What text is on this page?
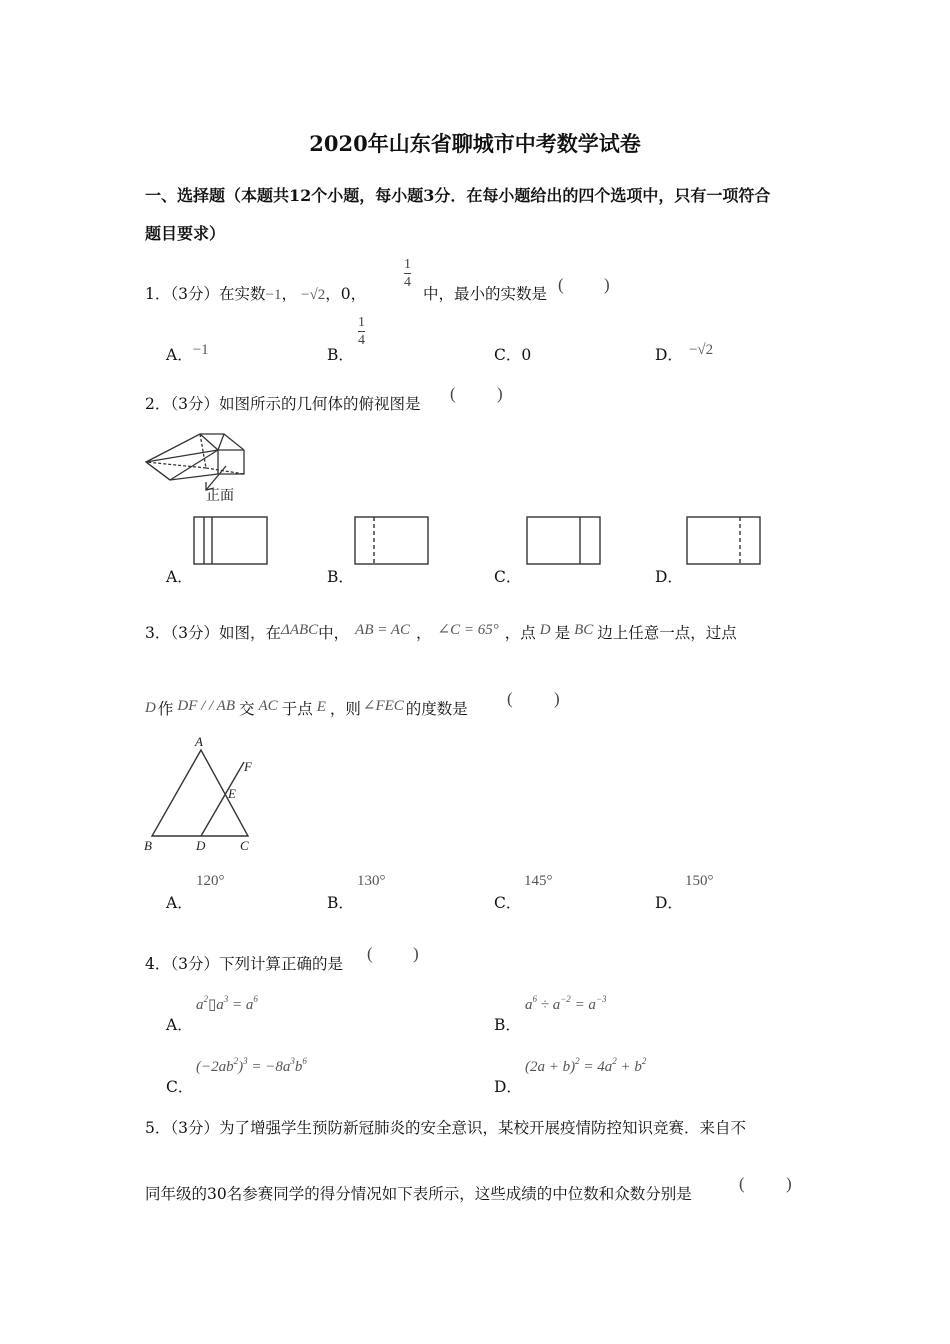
2020年山东省聊城市中考数学试卷
一、选择题（本题共12个小题，每小题3分．在每小题给出的四个选项中，只有一项符合
题目要求）
1．（3分）在实数−1， −√2，0，
$\frac{1}{4}$
中，最小的实数是 ( )
A．−1	B．
$\frac{1}{4}$
C．0	D． −√2
2．（3分）如图所示的几何体的俯视图是
( )
正面
A．	B．	C．	D．
3．（3分）如图，在ΔABC中， AB = AC ， ∠C = 65° ，点 D 是 BC 边上任意一点，过点
D 作 DF / / AB 交 AC 于点 E ，则 ∠FEC 的度数是
( )
A
B	C
D
E
F
A．
120°
B．
130°
C．
145°
D．
150°
4．（3分）下列计算正确的是
( )
A．
$a^2▯a^3 = a^6$
B．
$a^6 \div a^{-2} = a^{-3}$
C．
$(-2ab^2)^3 = -8a^3b^6$
D．
$(2a + b)^2 = 4a^2 + b^2$
5．（3分）为了增强学生预防新冠肺炎的安全意识，某校开展疫情防控知识竞赛．来自不
同年级的30名参赛同学的得分情况如下表所示，这些成绩的中位数和众数分别是
( )
